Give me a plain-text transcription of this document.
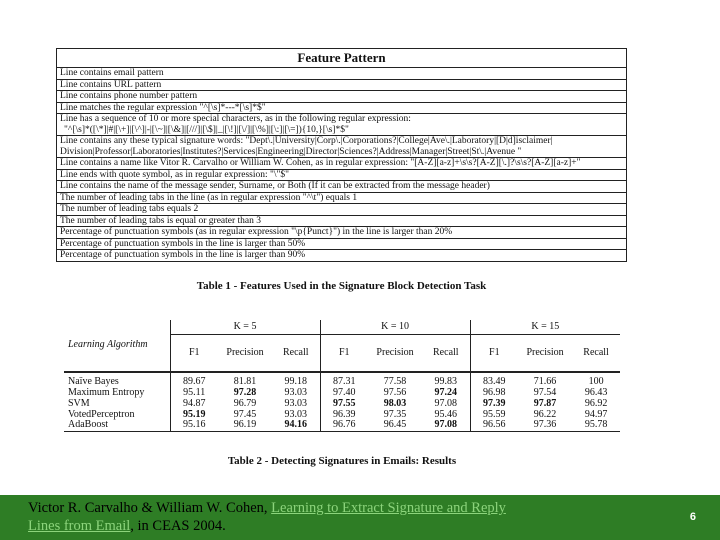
Feature Pattern
Line contains email pattern
Line contains URL pattern
Line contains phone number pattern
Line matches the regular expression "^[\s]*---*[\s]*$"

Line has a sequence of 10 or more special characters, as in the following regular expression:
"^[\s]*([\*]|#|[\+]|[\^]|-|[\~]|[\&]|[///]|[\$]|_|[\!]|[\/]|[\%]|[\:]|[\=]){10,}[\s]*$"

Line contains any these typical signature words: "Dept\.|University|Corp\.|Corporations?|College|Ave\.|Laboratory|[D|d]isclaimer|
Division|Professor|Laboratories|Institutes?|Services|Engineering|Director|Sciences?|Address|Manager|Street|St\.|Avenue "

Line contains a name like Vitor R. Carvalho or William W. Cohen, as in regular expression: "[A-Z][a-z]+\s\s?[A-Z][\.]?\s\s?[A-Z][a-z]+"
Line ends with quote symbol, as in regular expression: "\"$"
Line contains the name of the message sender, Surname, or Both (If it can be extracted from the message header)
The number of leading tabs in the line (as in regular expression "^\t") equals 1
The number of leading tabs equals 2
The number of leading tabs is equal or greater than 3
Percentage of punctuation symbols (as in regular expression "\p{Punct}") in the line is larger than 20%
Percentage of punctuation symbols in the line is larger than 50%
Percentage of punctuation symbols in the line is larger than 90%
Table 1 - Features Used in the Signature Block Detection Task
Learning Algorithm	K = 5			K = 10			K = 15		
	F1	Precision	Recall	F1	Precision	Recall	F1	Precision	Recall
Naïve Bayes	89.67	81.81	99.18	87.31	77.58	99.83	83.49	71.66	100
Maximum Entropy	95.11	97.28	93.03	97.40	97.56	97.24	96.98	97.54	96.43
SVM	94.87	96.79	93.03	97.55	98.03	97.08	97.39	97.87	96.92
VotedPerceptron	95.19	97.45	93.03	96.39	97.35	95.46	95.59	96.22	94.97
AdaBoost	95.16	96.19	94.16	96.76	96.45	97.08	96.56	97.36	95.78
Table 2 - Detecting Signatures in Emails: Results
Victor R. Carvalho & William W. Cohen, Learning to Extract Signature and Reply Lines from Email, in CEAS 2004.
6
